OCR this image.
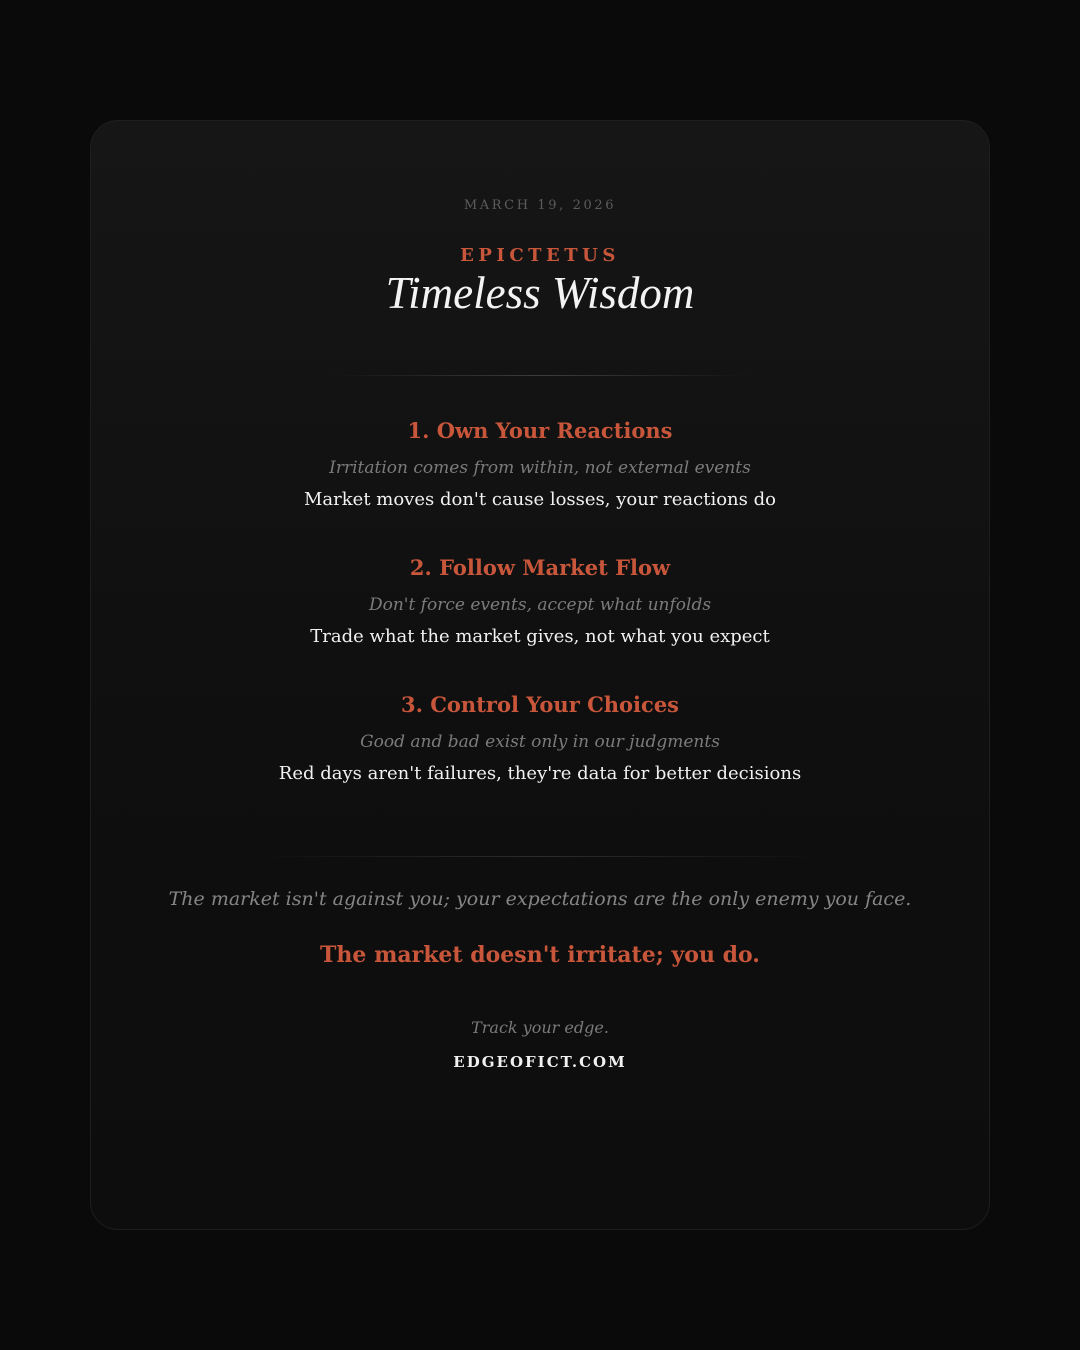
MARCH 19, 2026
EPICTETUS
Timeless Wisdom
1. Own Your Reactions
Irritation comes from within, not external events
Market moves don't cause losses, your reactions do
2. Follow Market Flow
Don't force events, accept what unfolds
Trade what the market gives, not what you expect
3. Control Your Choices
Good and bad exist only in our judgments
Red days aren't failures, they're data for better decisions
The market isn't against you; your expectations are the only enemy you face.
The market doesn't irritate; you do.
Track your edge.
EDGEOFICT.COM
